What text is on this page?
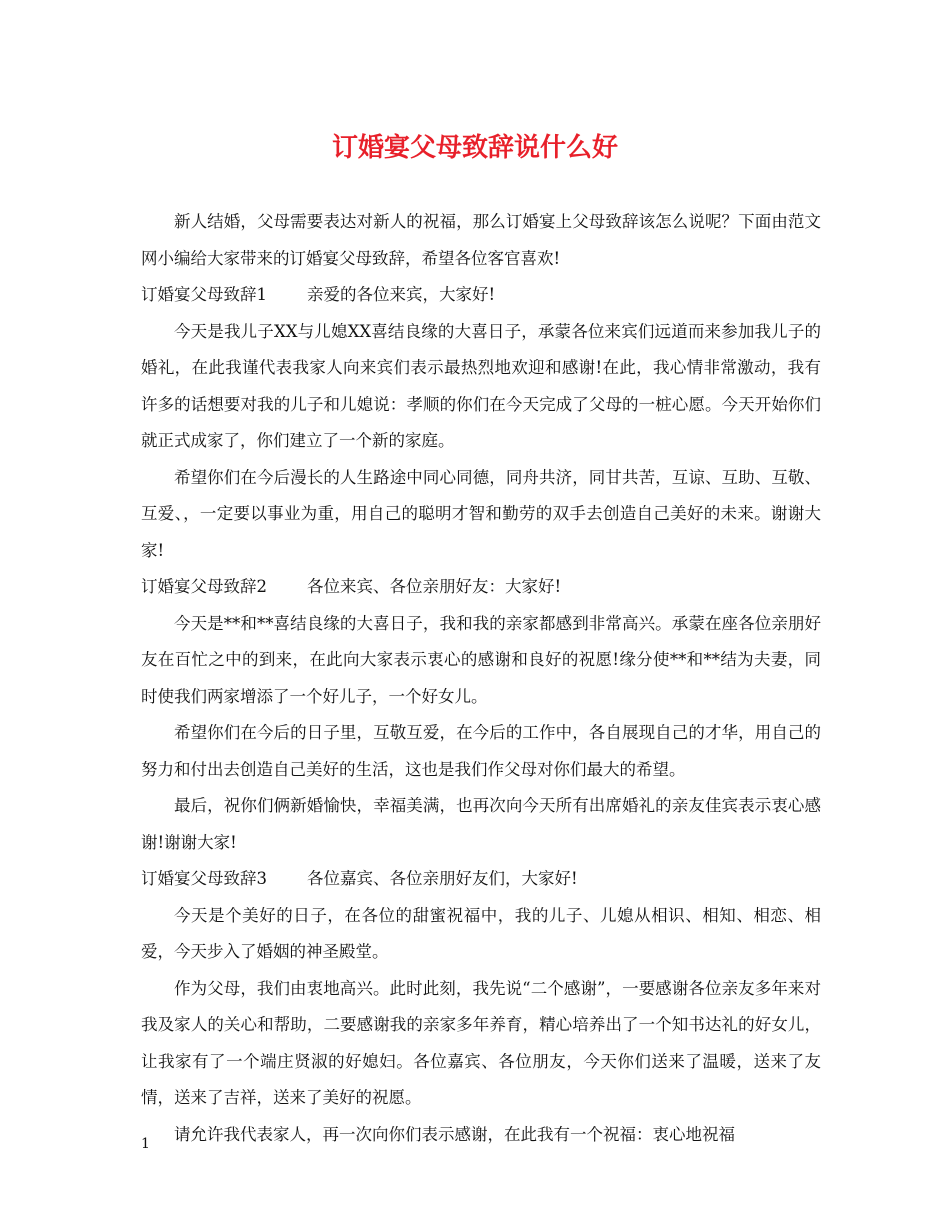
订婚宴父母致辞说什么好

新人结婚，父母需要表达对新人的祝福，那么订婚宴上父母致辞该怎么说呢？下面由范文网小编给大家带来的订婚宴父母致辞，希望各位客官喜欢!

订婚宴父母致辞1 亲爱的各位来宾，大家好!

今天是我儿子XX与儿媳XX喜结良缘的大喜日子，承蒙各位来宾们远道而来参加我儿子的婚礼，在此我谨代表我家人向来宾们表示最热烈地欢迎和感谢!在此，我心情非常激动，我有许多的话想要对我的儿子和儿媳说：孝顺的你们在今天完成了父母的一桩心愿。今天开始你们就正式成家了，你们建立了一个新的家庭。

希望你们在今后漫长的人生路途中同心同德，同舟共济，同甘共苦，互谅、互助、互敬、互爱、，一定要以事业为重，用自己的聪明才智和勤劳的双手去创造自己美好的未来。谢谢大家!

订婚宴父母致辞2 各位来宾、各位亲朋好友：大家好!

今天是**和**喜结良缘的大喜日子，我和我的亲家都感到非常高兴。承蒙在座各位亲朋好友在百忙之中的到来，在此向大家表示衷心的感谢和良好的祝愿!缘分使**和**结为夫妻，同时使我们两家增添了一个好儿子，一个好女儿。

希望你们在今后的日子里，互敬互爱，在今后的工作中，各自展现自己的才华，用自己的努力和付出去创造自己美好的生活，这也是我们作父母对你们最大的希望。

最后，祝你们俩新婚愉快，幸福美满，也再次向今天所有出席婚礼的亲友佳宾表示衷心感谢!谢谢大家!

订婚宴父母致辞3 各位嘉宾、各位亲朋好友们，大家好!

今天是个美好的日子，在各位的甜蜜祝福中，我的儿子、儿媳从相识、相知、相恋、相爱，今天步入了婚姻的神圣殿堂。

作为父母，我们由衷地高兴。此时此刻，我先说“二个感谢”，一要感谢各位亲友多年来对我及家人的关心和帮助，二要感谢我的亲家多年养育，精心培养出了一个知书达礼的好女儿，让我家有了一个端庄贤淑的好媳妇。各位嘉宾、各位朋友，今天你们送来了温暖，送来了友情，送来了吉祥，送来了美好的祝愿。

请允许我代表家人，再一次向你们表示感谢，在此我有一个祝福：衷心地祝福

1
